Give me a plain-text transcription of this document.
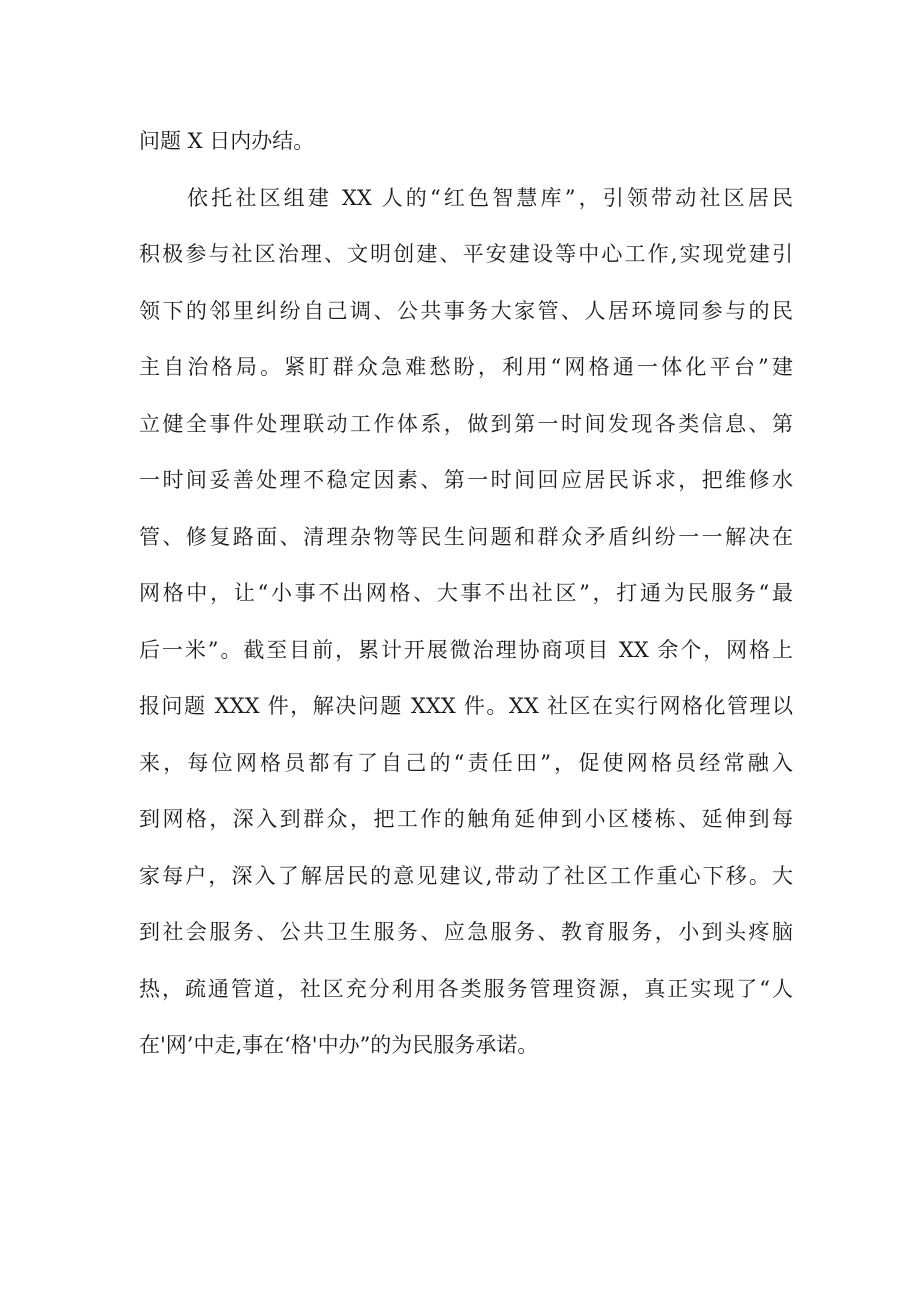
问题 X 日内办结。
依托社区组建 XX 人的“红色智慧库”，引领带动社区居民
积极参与社区治理、文明创建、平安建设等中心工作,实现党建引
领下的邻里纠纷自己调、公共事务大家管、人居环境同参与的民
主自治格局。紧盯群众急难愁盼，利用“网格通一体化平台”建
立健全事件处理联动工作体系，做到第一时间发现各类信息、第
一时间妥善处理不稳定因素、第一时间回应居民诉求，把维修水
管、修复路面、清理杂物等民生问题和群众矛盾纠纷一一解决在
网格中，让“小事不出网格、大事不出社区”，打通为民服务“最
后一米”。截至目前，累计开展微治理协商项目 XX 余个，网格上
报问题 XXX 件，解决问题 XXX 件。XX 社区在实行网格化管理以
来，每位网格员都有了自己的“责任田”，促使网格员经常融入
到网格，深入到群众，把工作的触角延伸到小区楼栋、延伸到每
家每户，深入了解居民的意见建议,带动了社区工作重心下移。大
到社会服务、公共卫生服务、应急服务、教育服务，小到头疼脑
热，疏通管道，社区充分利用各类服务管理资源，真正实现了“人
在'网’中走,事在‘格'中办”的为民服务承诺。
